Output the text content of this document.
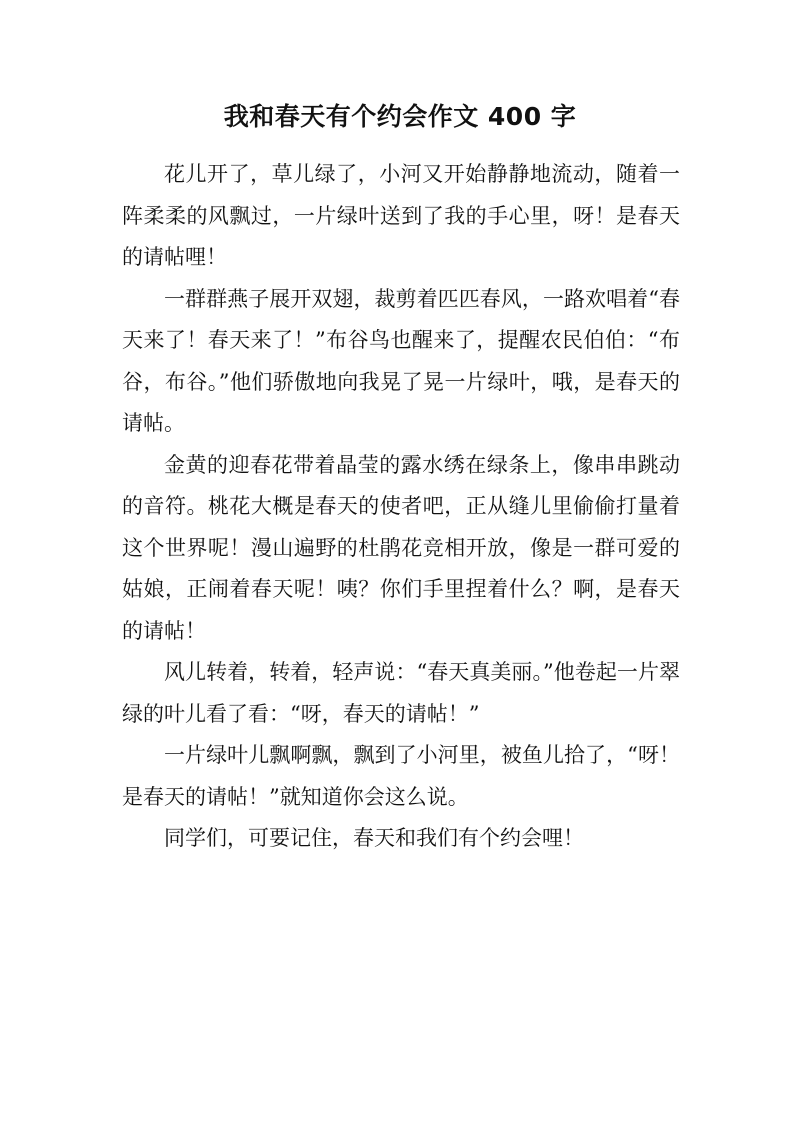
我和春天有个约会作文 400 字

花儿开了，草儿绿了，小河又开始静静地流动，随着一阵柔柔的风飘过，一片绿叶送到了我的手心里，呀！是春天的请帖哩！

一群群燕子展开双翅，裁剪着匹匹春风，一路欢唱着“春天来了！春天来了！”布谷鸟也醒来了，提醒农民伯伯：“布谷，布谷。”他们骄傲地向我晃了晃一片绿叶，哦，是春天的请帖。

金黄的迎春花带着晶莹的露水绣在绿条上，像串串跳动的音符。桃花大概是春天的使者吧，正从缝儿里偷偷打量着这个世界呢！漫山遍野的杜鹃花竞相开放，像是一群可爱的姑娘，正闹着春天呢！咦？你们手里捏着什么？啊，是春天的请帖！

风儿转着，转着，轻声说：“春天真美丽。”他卷起一片翠绿的叶儿看了看：“呀，春天的请帖！”

一片绿叶儿飘啊飘，飘到了小河里，被鱼儿拾了，“呀！是春天的请帖！”就知道你会这么说。

同学们，可要记住，春天和我们有个约会哩！
